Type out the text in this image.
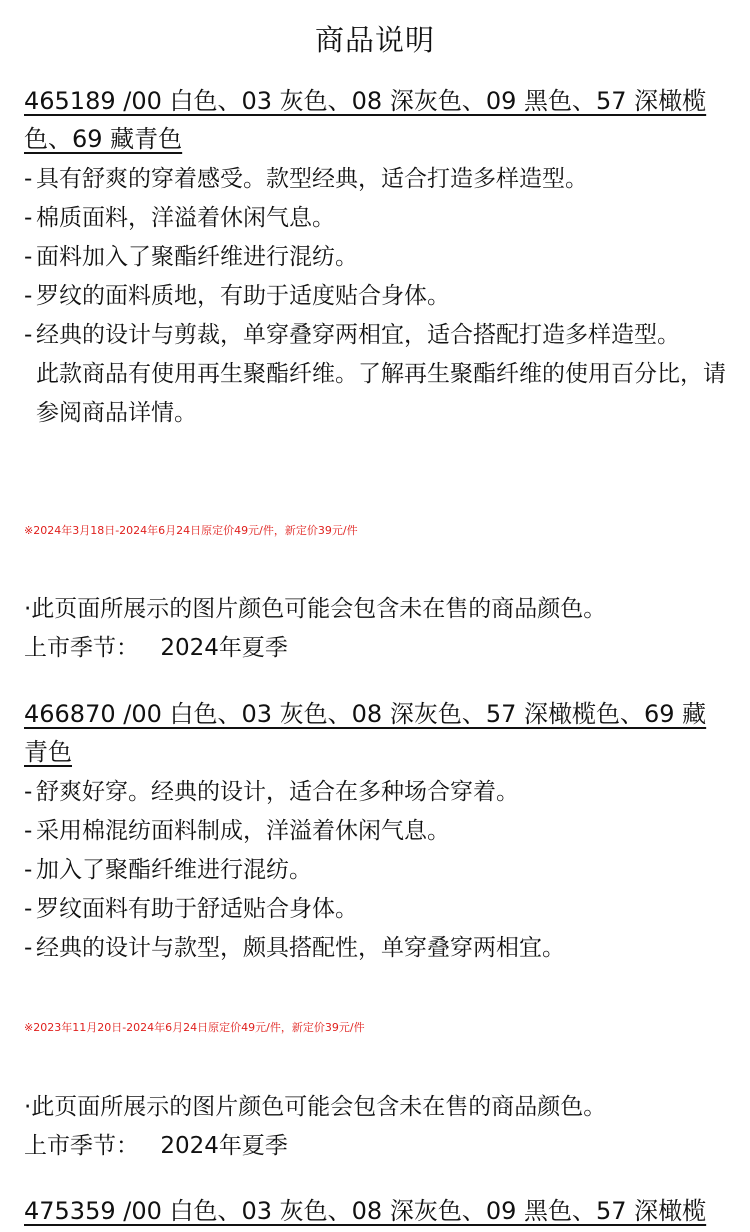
商品说明
465189 /00 白色、03 灰色、08 深灰色、09 黑色、57 深橄榄色、69 藏青色
- 具有舒爽的穿着感受。款型经典，适合打造多样造型。
- 棉质面料，洋溢着休闲气息。
- 面料加入了聚酯纤维进行混纺。
- 罗纹的面料质地，有助于适度贴合身体。
- 经典的设计与剪裁，单穿叠穿两相宜，适合搭配打造多样造型。
此款商品有使用再生聚酯纤维。了解再生聚酯纤维的使用百分比，请参阅商品详情。
※2024年3月18日-2024年6月24日原定价49元/件，新定价39元/件
·此页面所展示的图片颜色可能会包含未在售的商品颜色。
上市季节： 2024年夏季
466870 /00 白色、03 灰色、08 深灰色、57 深橄榄色、69 藏青色
- 舒爽好穿。经典的设计，适合在多种场合穿着。
- 采用棉混纺面料制成，洋溢着休闲气息。
- 加入了聚酯纤维进行混纺。
- 罗纹面料有助于舒适贴合身体。
- 经典的设计与款型，颇具搭配性，单穿叠穿两相宜。
※2023年11月20日-2024年6月24日原定价49元/件，新定价39元/件
·此页面所展示的图片颜色可能会包含未在售的商品颜色。
上市季节： 2024年夏季
475359 /00 白色、03 灰色、08 深灰色、09 黑色、57 深橄榄
